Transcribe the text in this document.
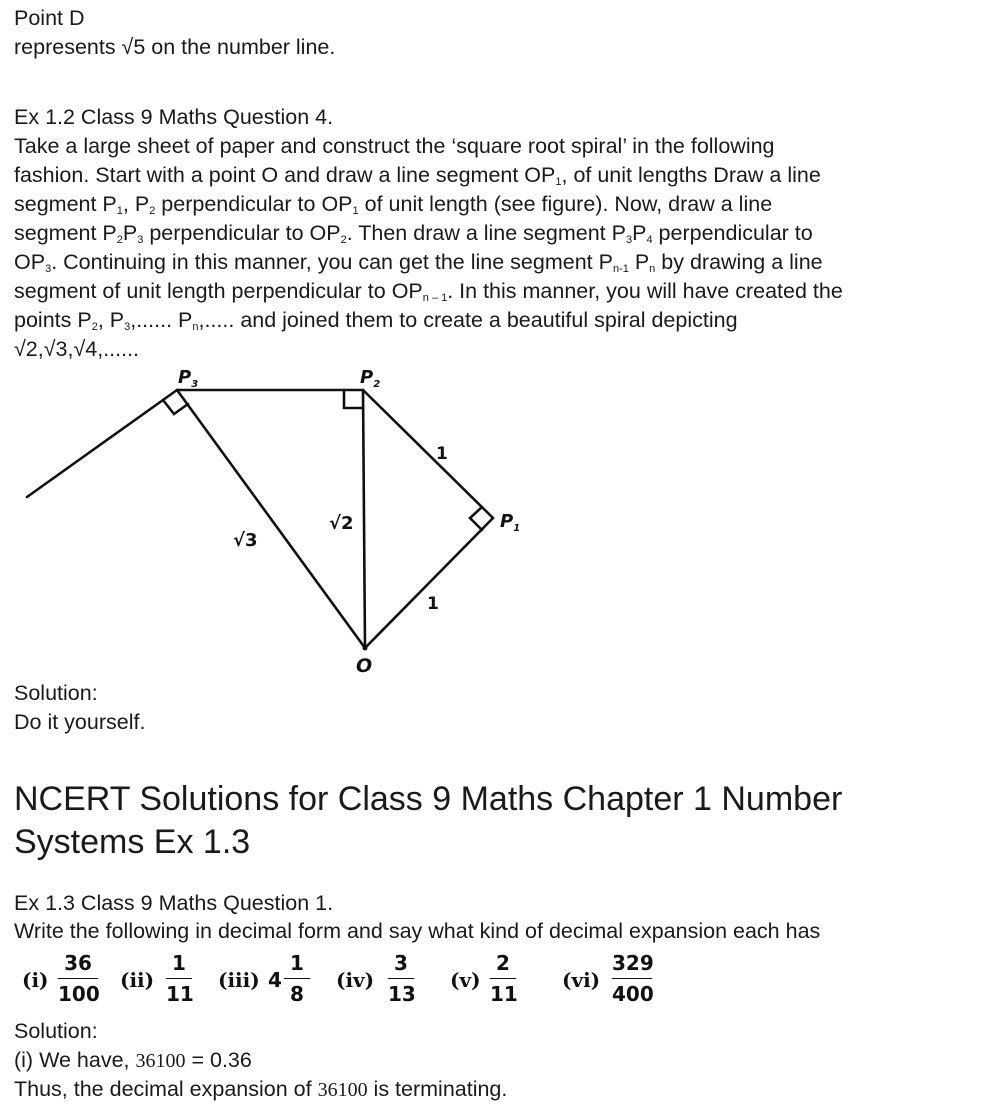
Point D
represents √5 on the number line.
Ex 1.2 Class 9 Maths Question 4.
Take a large sheet of paper and construct the ‘square root spiral’ in the following
fashion. Start with a point O and draw a line segment $OP_1$, of unit lengths Draw a line
segment $P_1$, $P_2$ perpendicular to $OP_1$ of unit length (see figure). Now, draw a line
segment $P_2P_3$ perpendicular to $OP_2$. Then draw a line segment $P_3P_4$ perpendicular to
$OP_3$. Continuing in this manner, you can get the line segment $P_{n-1}$ $P_n$ by drawing a line
segment of unit length perpendicular to $OP_{n - 1}$. In this manner, you will have created the
points $P_2$, $P_3$,...... $P_n$,..... and joined them to create a beautiful spiral depicting
√2,√3,√4,......
$P_3$	$P_2$
$P_1$
O
1
1
√2
√3
Solution:
Do it yourself.
NCERT Solutions for Class 9 Maths Chapter 1 Number
Systems Ex 1.3
Ex 1.3 Class 9 Maths Question 1.
Write the following in decimal form and say what kind of decimal expansion each has
(i)
36
100
(ii)
1
11
(iii) 4
1
8
(iv)
3
13
(v)
2
11
(vi)
329
400
Solution:
(i) We have, 36100 = 0.36
Thus, the decimal expansion of 36100 is terminating.
